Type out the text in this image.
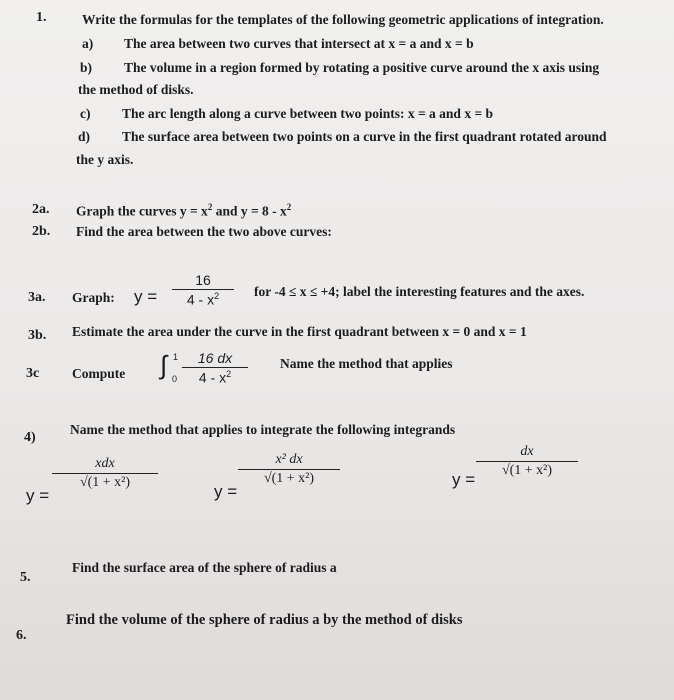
1.	Write the formulas for the templates of the following geometric applications of integration.
a) The area between two curves that intersect at x = a and x = b
b) The volume in a region formed by rotating a positive curve around the x axis using
the method of disks.
c) The arc length along a curve between two points: x = a and x = b
d) The surface area between two points on a curve in the first quadrant rotated around
the y axis.
2a. Graph the curves $y = x^2$ and $y = 8 - x^2$
2b. Find the area between the two above curves:
3a. Graph: y =
16
$4 - x^2$	for -4 ≤ x ≤ +4; label the interesting features and the axes.
3b. Estimate the area under the curve in the first quadrant between x = 0 and x = 1
3c Compute ∫ 1
0
16 dx
$4 - x^2$
Name the method that applies
4)
Name the method that applies to integrate the following integrands
y =
xdx
√(1 + x²)	y =
x² dx
√(1 + x²)	y =
dx
√(1 + x²)
5.
Find the surface area of the sphere of radius a
6.
Find the volume of the sphere of radius a by the method of disks
